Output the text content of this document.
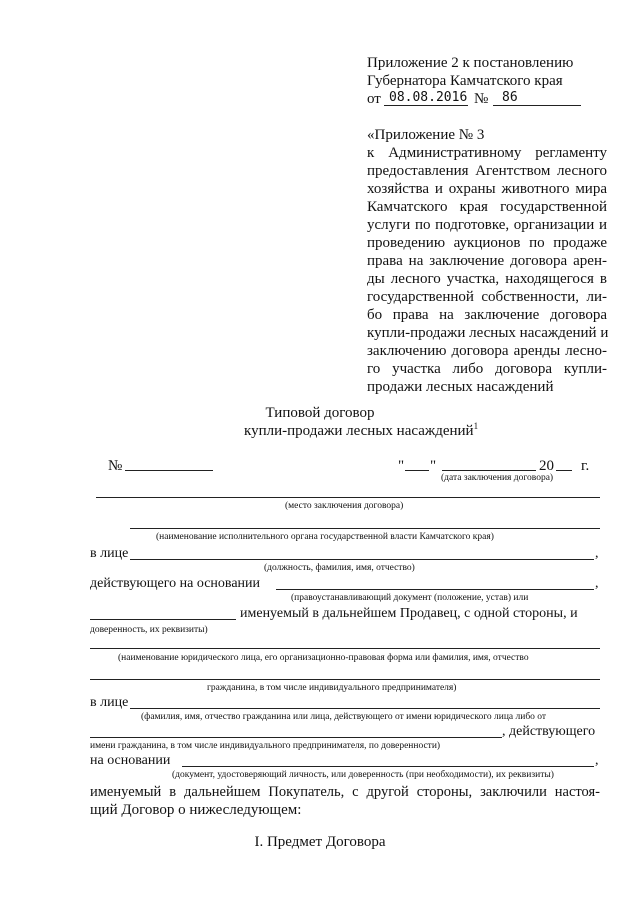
Приложение 2 к постановлению
Губернатора Камчатского края
от 08.08.2016 № 86
«Приложение № 3
к Административному регламенту
предоставления Агентством лесного
хозяйства и охраны животного мира
Камчатского края государственной
услуги по подготовке, организации и
проведению аукционов по продаже
права на заключение договора арен-
ды лесного участка, находящегося в
государственной собственности, ли-
бо права на заключение договора
купли-продажи лесных насаждений и
заключению договора аренды лесно-
го участка либо договора купли-
продажи лесных насаждений
Типовой договор
купли-продажи лесных насаждений$^1$
№	" "	20 г.
(дата заключения договора)
(место заключения договора)
(наименование исполнительного органа государственной власти Камчатского края)
в лице	,
(должность, фамилия, имя, отчество)
действующего на основании	,
(правоустанавливающий документ (положение, устав) или
именуемый в дальнейшем Продавец, с одной стороны, и
доверенность, их реквизиты)
(наименование юридического лица, его организационно-правовая форма или фамилия, имя, отчество
гражданина, в том числе индивидуального предпринимателя)
в лице
(фамилия, имя, отчество гражданина или лица, действующего от имени юридического лица либо от
, действующего
имени гражданина, в том числе индивидуального предпринимателя, по доверенности)
на основании	,
(документ, удостоверяющий личность, или доверенность (при необходимости), их реквизиты)
именуемый в дальнейшем Покупатель, с другой стороны, заключили настоя-
щий Договор о нижеследующем:
I. Предмет Договора
